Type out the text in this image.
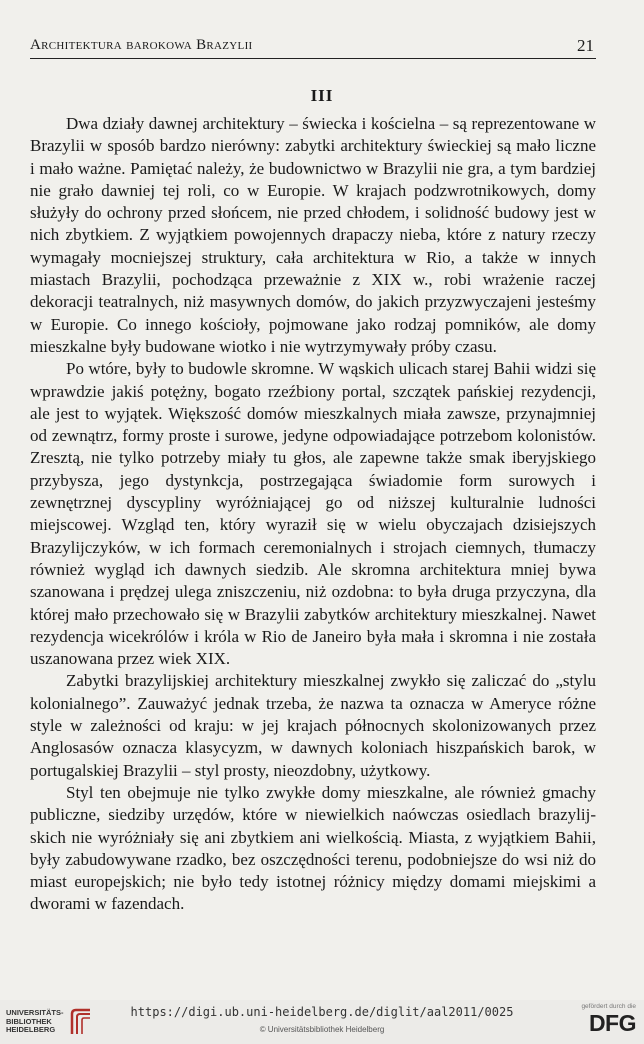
Architektura barokowa Brazylii	21
III

Dwa działy dawnej architektury – świecka i kościelna – są reprezentowane w Brazylii w sposób bardzo nierówny: zabytki architektury świeckiej są mało liczne i mało ważne. Pamiętać należy, że budownictwo w Brazylii nie gra, a tym bardziej nie grało dawniej tej roli, co w Europie. W krajach podzwrotnikowych, domy służyły do ochrony przed słońcem, nie przed chłodem, i solidność budowy jest w nich zbytkiem. Z wyjątkiem powojennych drapaczy nieba, które z natury rzeczy wymagały mocniejszej struktury, cała architektura w Rio, a także w innych miastach Brazylii, pochodząca przeważnie z XIX w., robi wrażenie raczej dekoracji teatralnych, niż masywnych domów, do jakich przyzwyczajeni jesteśmy w Europie. Co innego kościoły, pojmowane jako rodzaj pomników, ale domy mieszkalne były budowane wiotko i nie wytrzymywały próby czasu.

Po wtóre, były to budowle skromne. W wąskich ulicach starej Bahii widzi się wprawdzie jakiś potężny, bogato rzeźbiony portal, szczątek pańskiej rezydencji, ale jest to wyjątek. Większość domów mieszkalnych miała zawsze, przynajmniej od zewnątrz, formy proste i surowe, jedyne odpowiadające potrzebom kolonistów. Zresztą, nie tylko potrzeby miały tu głos, ale zapewne także smak iberyjskiego przybysza, jego dystynkcja, postrzegająca świadomie form surowych i zewnętrznej dyscypliny wyróżniającej go od niższej kulturalnie ludności miejscowej. Wzgląd ten, który wyraził się w wielu obyczajach dzisiejszych Brazylijczyków, w ich formach ceremonialnych i strojach ciemnych, tłumaczy również wygląd ich dawnych siedzib. Ale skromna architektura mniej bywa szanowana i prędzej ulega zniszczeniu, niż ozdobna: to była druga przyczyna, dla której mało przechowało się w Brazylii zabytków architektury mieszkalnej. Nawet rezydencja wicekrólów i króla w Rio de Janeiro była mała i skromna i nie została uszanowana przez wiek XIX.

Zabytki brazylijskiej architektury mieszkalnej zwykło się zaliczać do „stylu kolonialnego”. Zauważyć jednak trzeba, że nazwa ta oznacza w Ameryce różne style w zależności od kraju: w jej krajach północnych skolonizowanych przez Anglosasów oznacza klasycyzm, w dawnych koloniach hiszpańskich barok, w portugalskiej Brazylii – styl prosty, nieozdobny, użytkowy.

Styl ten obejmuje nie tylko zwykłe domy mieszkalne, ale również gmachy publiczne, siedziby urzędów, które w niewielkich naówczas osiedlach brazylijskich nie wyróżniały się ani zbytkiem ani wielkością. Miasta, z wyjątkiem Bahii, były zabudowywane rzadko, bez oszczędności terenu, podobniejsze do wsi niż do miast europejskich; nie było tedy istotnej różnicy między domami miejskimi a dworami w fazendach.

UNIVERSITÄTS-
BIBLIOTHEK
HEIDELBERG
https://digi.ub.uni-heidelberg.de/diglit/aal2011/0025
© Universitätsbibliothek Heidelberg
gefördert durch die
DFG
